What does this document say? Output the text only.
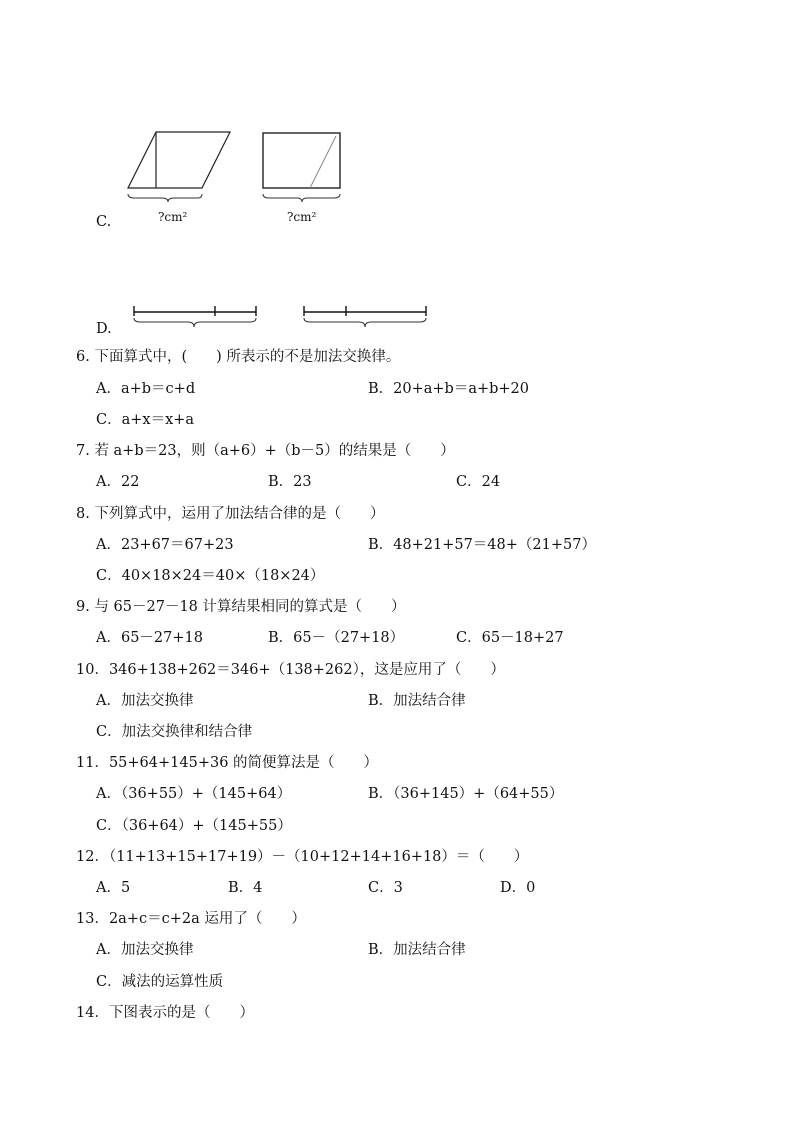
C.	?cm²	?cm²
D.
6. 下面算式中，(　　) 所表示的不是加法交换律。
A．a+b＝c+d	B．20+a+b＝a+b+20
C．a+x＝x+a
7. 若 a+b＝23，则（a+6）+（b－5）的结果是（　　）
A．22	B．23	C．24
8. 下列算式中，运用了加法结合律的是（　　）
A．23+67＝67+23	B．48+21+57＝48+（21+57）
C．40×18×24＝40×（18×24）
9. 与 65－27－18 计算结果相同的算式是（　　）
A．65－27+18	B．65－（27+18）	C．65－18+27
10．346+138+262＝346+（138+262），这是应用了（　　）
A．加法交换律	B．加法结合律
C．加法交换律和结合律
11．55+64+145+36 的简便算法是（　　）
A．（36+55）+（145+64）	B．（36+145）+（64+55）
C．（36+64）+（145+55）
12．（11+13+15+17+19）－（10+12+14+16+18）＝（　　）
A．5	B．4	C．3	D．0
13．2a+c＝c+2a 运用了（　　）
A．加法交换律	B．加法结合律
C．减法的运算性质
14．下图表示的是（　　）
